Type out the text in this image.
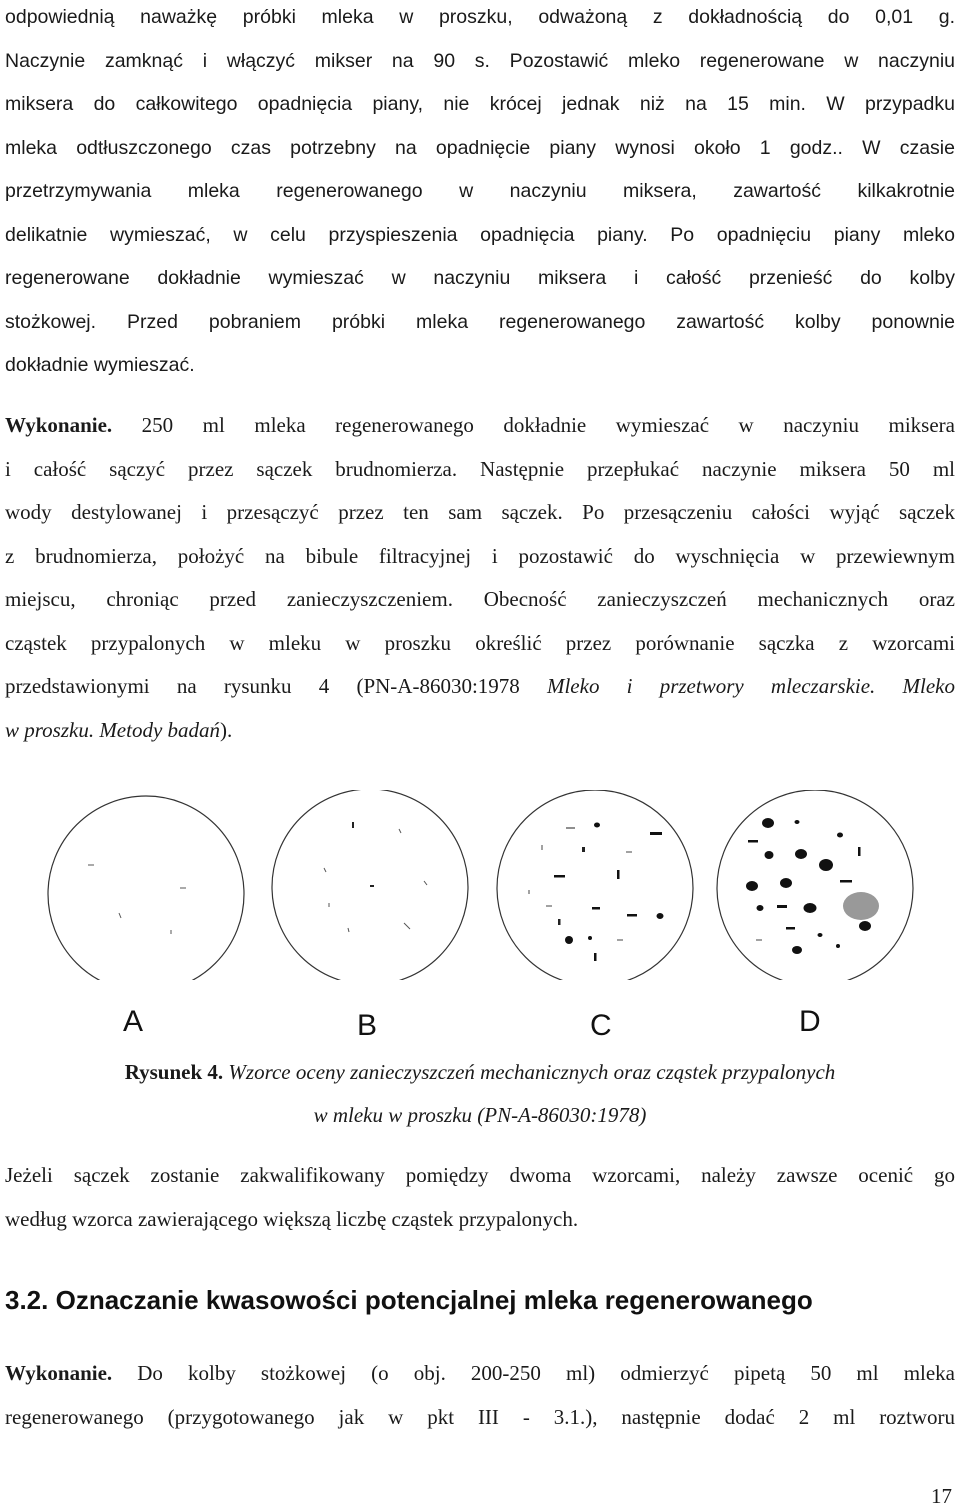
odpowiednią naważkę próbki mleka w proszku, odważoną z dokładnością do 0,01 g.
Naczynie zamknąć i włączyć mikser na 90 s. Pozostawić mleko regenerowane w naczyniu
miksera do całkowitego opadnięcia piany, nie krócej jednak niż na 15 min. W przypadku
mleka odtłuszczonego czas potrzebny na opadnięcie piany wynosi około 1 godz.. W czasie
przetrzymywania mleka regenerowanego w naczyniu miksera, zawartość kilkakrotnie
delikatnie wymieszać, w celu przyspieszenia opadnięcia piany. Po opadnięciu piany mleko
regenerowane dokładnie wymieszać w naczyniu miksera i całość przenieść do kolby
stożkowej. Przed pobraniem próbki mleka regenerowanego zawartość kolby ponownie
dokładnie wymieszać.
Wykonanie. 250 ml mleka regenerowanego dokładnie wymieszać w naczyniu miksera
i całość sączyć przez sączek brudnomierza. Następnie przepłukać naczynie miksera 50 ml
wody destylowanej i przesączyć przez ten sam sączek. Po przesączeniu całości wyjąć sączek
z brudnomierza, położyć na bibule filtracyjnej i pozostawić do wyschnięcia w przewiewnym
miejscu, chroniąc przed zanieczyszczeniem. Obecność zanieczyszczeń mechanicznych oraz
cząstek przypalonych w mleku w proszku określić przez porównanie sączka z wzorcami
przedstawionymi na rysunku 4 (PN-A-86030:1978 Mleko i przetwory mleczarskie. Mleko
w proszku. Metody badań).
A	B	C	D
Rysunek 4. Wzorce oceny zanieczyszczeń mechanicznych oraz cząstek przypalonych
w mleku w proszku (PN-A-86030:1978)
Jeżeli sączek zostanie zakwalifikowany pomiędzy dwoma wzorcami, należy zawsze ocenić go
według wzorca zawierającego większą liczbę cząstek przypalonych.
3.2. Oznaczanie kwasowości potencjalnej mleka regenerowanego
Wykonanie. Do kolby stożkowej (o obj. 200-250 ml) odmierzyć pipetą 50 ml mleka
regenerowanego (przygotowanego jak w pkt III - 3.1.), następnie dodać 2 ml roztworu
17
